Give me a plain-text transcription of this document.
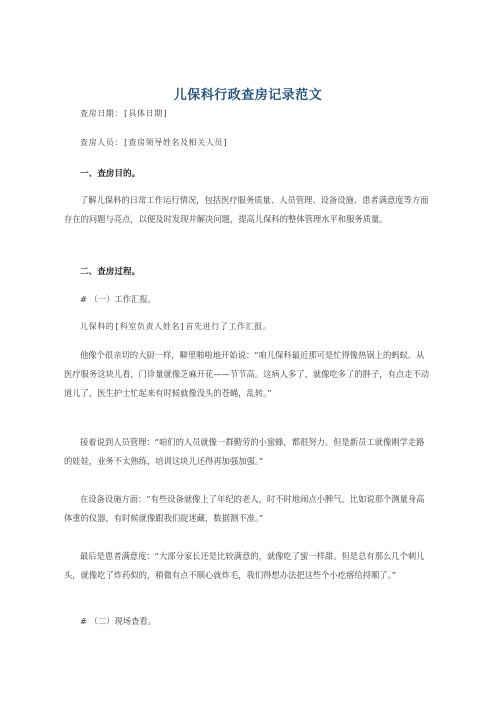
儿保科行政查房记录范文
查房日期：[具体日期]
查房人员：[查房领导姓名及相关人员]
一、查房目的。
了解儿保科的日常工作运行情况，包括医疗服务质量、人员管理、设备设施、患者满意度等方面存在的问题与亮点，以便及时发现并解决问题，提高儿保科的整体管理水平和服务质量。
二、查房过程。
# （一）工作汇报。
儿保科的[科室负责人姓名]首先进行了工作汇报。
他像个很亲切的大厨一样，噼里啪啦地开始说：“咱儿保科最近那可是忙得像热锅上的蚂蚁。从医疗服务这块儿看，门诊量就像芝麻开花——节节高。这病人多了，就像吃多了的胖子，有点走不动道儿了，医生护士忙起来有时候就像没头的苍蝇，乱转。”
接着说到人员管理：“咱们的人员就像一群勤劳的小蜜蜂，都很努力。但是新员工就像刚学走路的娃娃，业务不太熟练，培训这块儿还得再加强加强。”
在设备设施方面：“有些设备就像上了年纪的老人，时不时地闹点小脾气。比如说那个测量身高体重的仪器，有时候就像跟我们捉迷藏，数据测不准。”
最后是患者满意度：“大部分家长还是比较满意的，就像吃了蜜一样甜。但是总有那么几个刺儿头，就像吃了炸药似的，稍微有点不顺心就炸毛，我们得想办法把这些个小疙瘩给捋顺了。”
# （二）现场查看。
